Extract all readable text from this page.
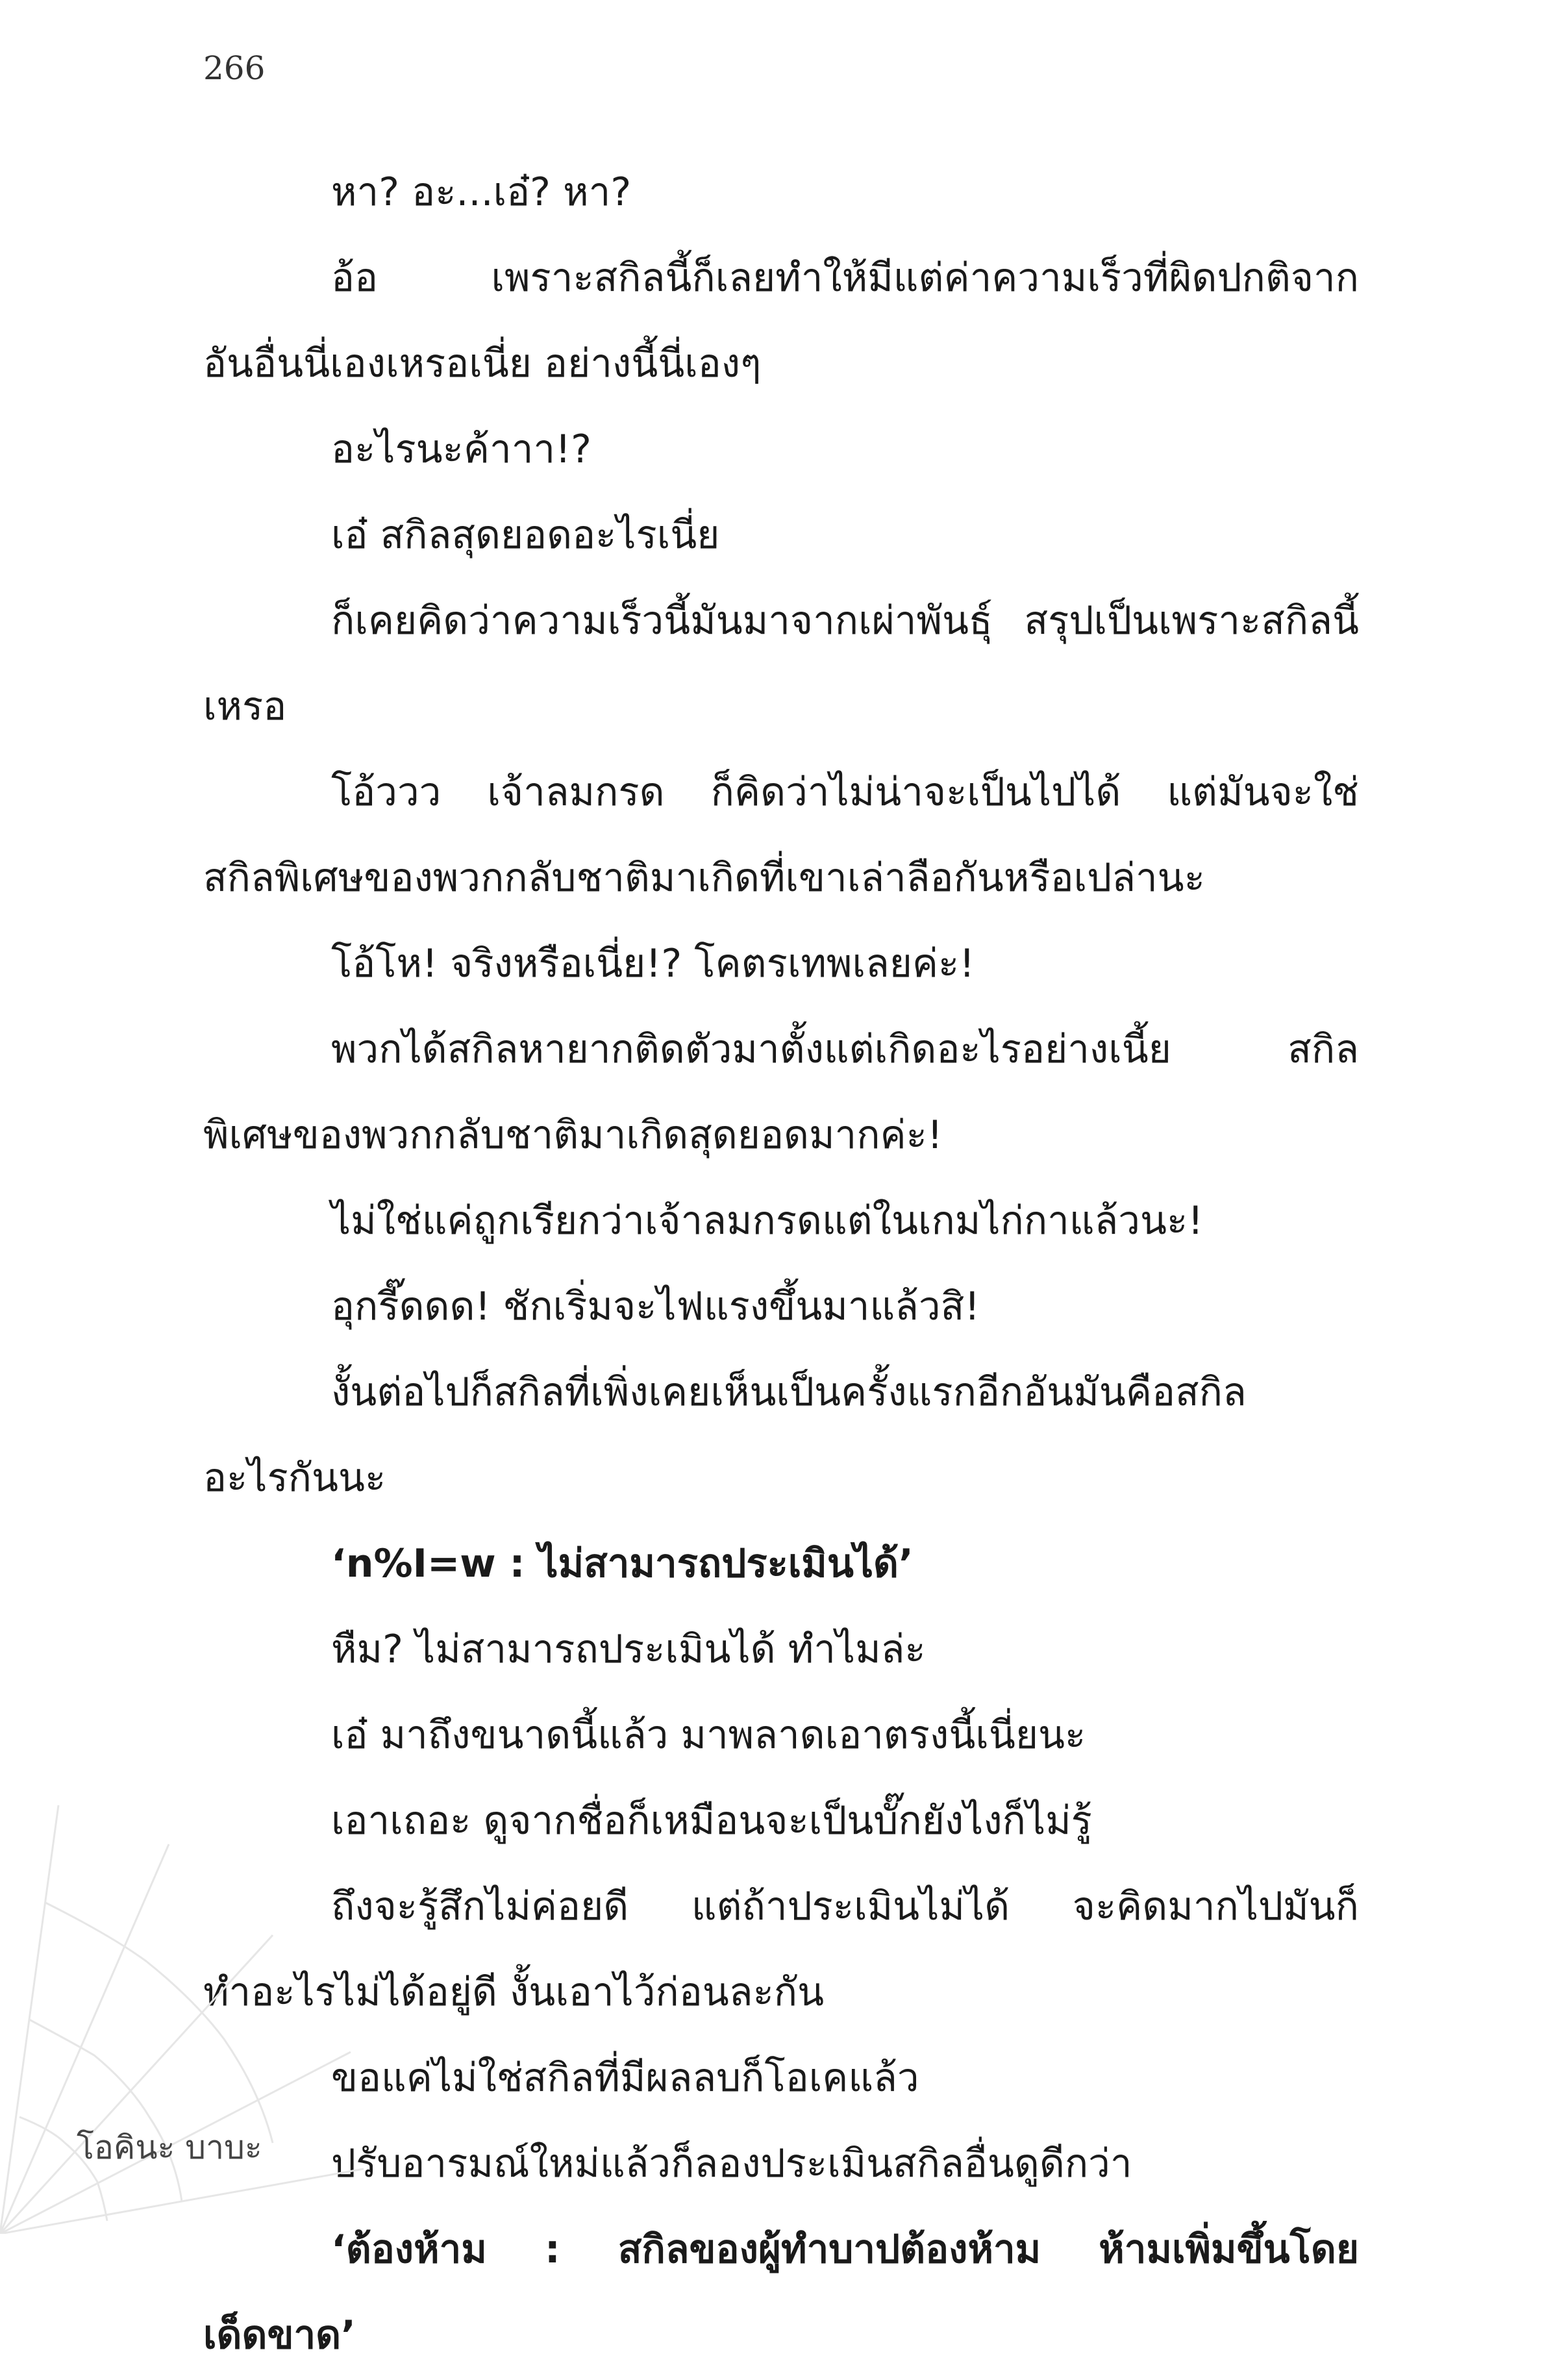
266

หา? อะ...เอ๋? หา?

อ้อ เพราะสกิลนี้ก็เลยทำให้มีแต่ค่าความเร็วที่ผิดปกติจาก

อันอื่นนี่เองเหรอเนี่ย อย่างนี้นี่เองๆ

อะไรนะค้าาา!?

เอ๋ สกิลสุดยอดอะไรเนี่ย

ก็เคยคิดว่าความเร็วนี้มันมาจากเผ่าพันธุ์ สรุปเป็นเพราะสกิลนี้

เหรอ

โอ้ววว เจ้าลมกรด ก็คิดว่าไม่น่าจะเป็นไปได้ แต่มันจะใช่

สกิลพิเศษของพวกกลับชาติมาเกิดที่เขาเล่าลือกันหรือเปล่านะ

โอ้โห! จริงหรือเนี่ย!? โคตรเทพเลยค่ะ!

พวกได้สกิลหายากติดตัวมาตั้งแต่เกิดอะไรอย่างเนี้ย สกิล

พิเศษของพวกกลับชาติมาเกิดสุดยอดมากค่ะ!

ไม่ใช่แค่ถูกเรียกว่าเจ้าลมกรดแต่ในเกมไก่กาแล้วนะ!

อุกรี๊ดดด! ชักเริ่มจะไฟแรงขึ้นมาแล้วสิ!

งั้นต่อไปก็สกิลที่เพิ่งเคยเห็นเป็นครั้งแรกอีกอันมันคือสกิล

อะไรกันนะ

‘n%I=w : ไม่สามารถประเมินได้’

หืม? ไม่สามารถประเมินได้ ทำไมล่ะ

เอ๋ มาถึงขนาดนี้แล้ว มาพลาดเอาตรงนี้เนี่ยนะ

เอาเถอะ ดูจากชื่อก็เหมือนจะเป็นบั๊กยังไงก็ไม่รู้

ถึงจะรู้สึกไม่ค่อยดี แต่ถ้าประเมินไม่ได้ จะคิดมากไปมันก็

ทำอะไรไม่ได้อยู่ดี งั้นเอาไว้ก่อนละกัน

ขอแค่ไม่ใช่สกิลที่มีผลลบก็โอเคแล้ว

ปรับอารมณ์ใหม่แล้วก็ลองประเมินสกิลอื่นดูดีกว่า

‘ต้องห้าม : สกิลของผู้ทำบาปต้องห้าม ห้ามเพิ่มขึ้นโดย

เด็ดขาด’

โอคินะ บาบะ
